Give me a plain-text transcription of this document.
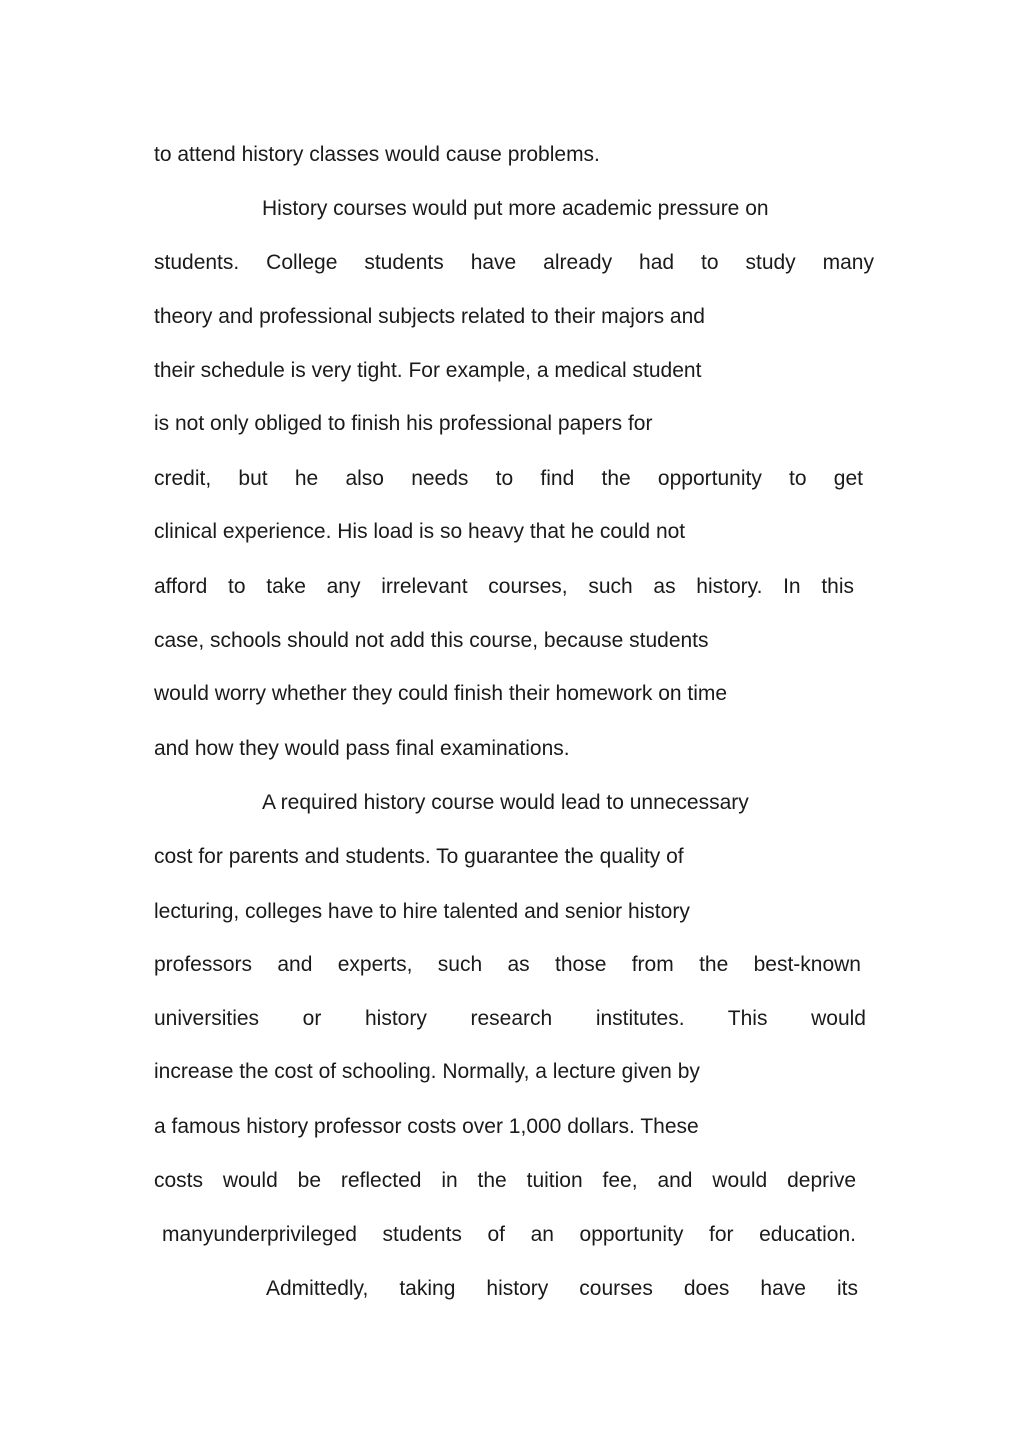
to attend history classes would cause problems.
History courses would put more academic pressure on
students. College students have already had to study many
theory and professional subjects related to their majors and
their schedule is very tight. For example, a medical student
is not only obliged to finish his professional papers for
credit, but he also needs to find the opportunity to get
clinical experience. His load is so heavy that he could not
afford to take any irrelevant courses, such as history. In this
case, schools should not add this course, because students
would worry whether they could finish their homework on time
and how they would pass final examinations.
A required history course would lead to unnecessary
cost for parents and students. To guarantee the quality of
lecturing, colleges have to hire talented and senior history
professors and experts, such as those from the best-known
universities or history research institutes. This would
increase the cost of schooling. Normally, a lecture given by
a famous history professor costs over 1,000 dollars. These
costs would be reflected in the tuition fee, and would deprive
manyunderprivileged students of an opportunity for education.
Admittedly, taking history courses does have its
